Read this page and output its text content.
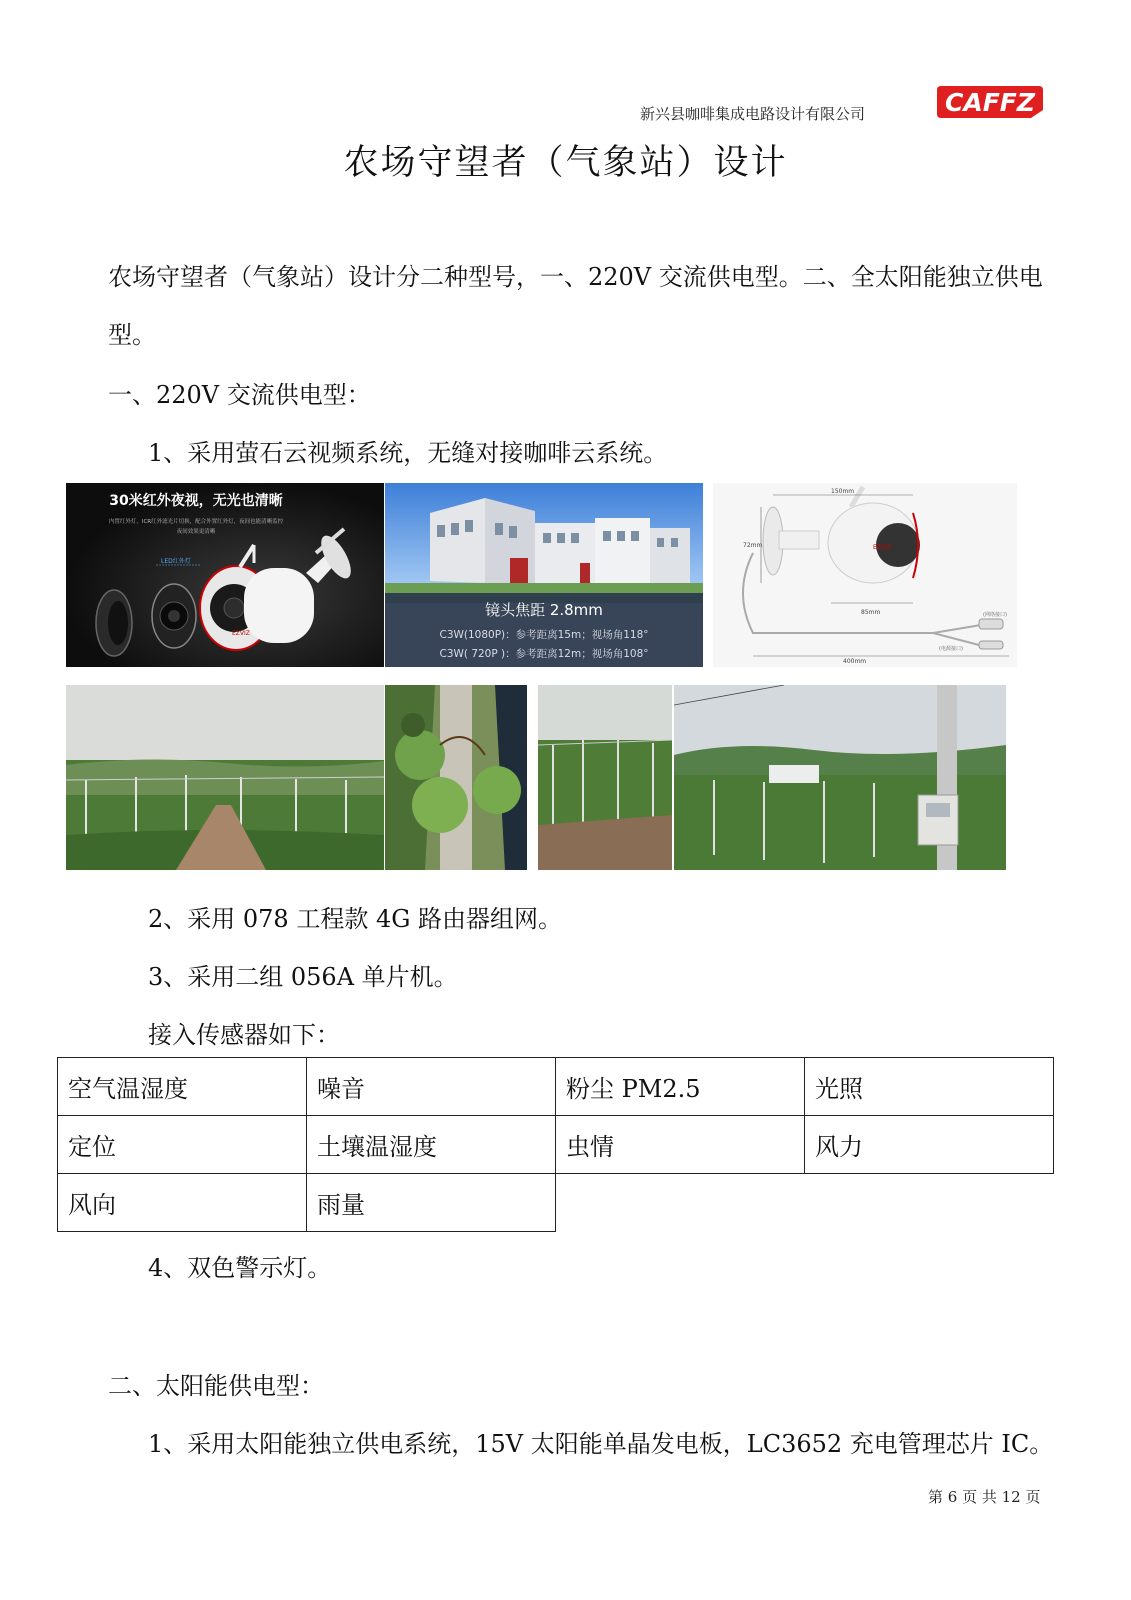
新兴县咖啡集成电路设计有限公司	CAFFZ
农场守望者（气象站）设计
农场守望者（气象站）设计分二种型号，一、220V 交流供电型。二、全太阳能独立供电型。
一、220V 交流供电型：
1、采用萤石云视频系统，无缝对接咖啡云系统。
30米红外夜视，无光也清晰
内置红外灯，ICR红外滤光片切换，配合外置红外灯，夜间也能清晰监控
夜间效果更清晰
LED红外灯
EZVIZ
镜头焦距 2.8mm
C3W(1080P)：参考距离15m；视场角118°
C3W( 720P )：参考距离12m；视场角108°
EZVIZ
150mm
72mm
85mm
400mm
(网络接口)
(电源接口)
2、采用 078 工程款 4G 路由器组网。
3、采用二组 056A 单片机。
接入传感器如下：
空气温湿度	噪音	粉尘 PM2.5	光照
定位	土壤温湿度	虫情	风力
风向	雨量		
4、双色警示灯。
二、太阳能供电型：
1、采用太阳能独立供电系统，15V 太阳能单晶发电板，LC3652 充电管理芯片 IC。
第 6 页 共 12 页
